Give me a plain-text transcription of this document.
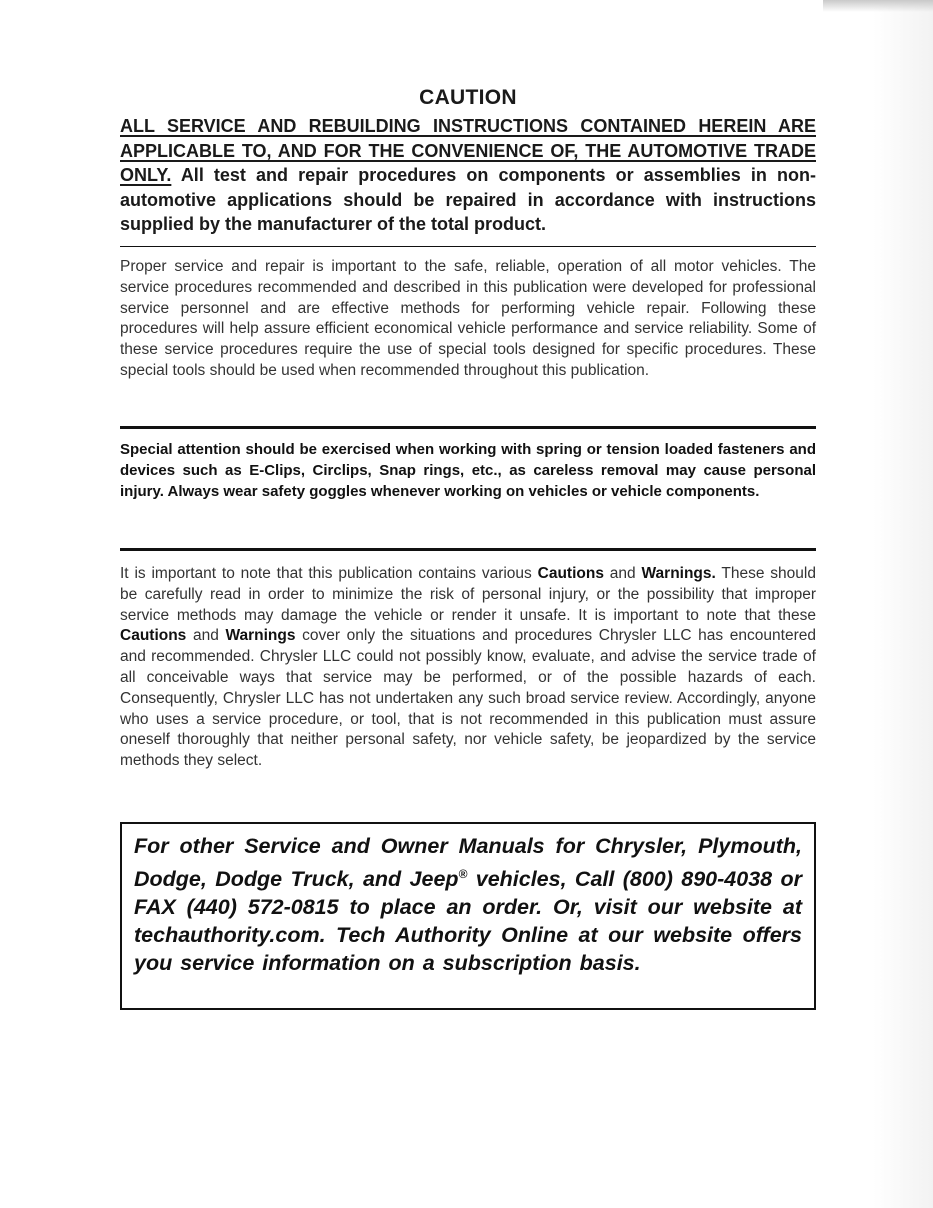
CAUTION

ALL SERVICE AND REBUILDING INSTRUCTIONS CONTAINED HEREIN ARE APPLICABLE TO, AND FOR THE CONVENIENCE OF, THE AUTOMOTIVE TRADE ONLY. All test and repair procedures on components or assemblies in non-automotive applications should be repaired in accordance with instructions supplied by the manufacturer of the total product.

Proper service and repair is important to the safe, reliable, operation of all motor vehicles. The service procedures recommended and described in this publication were developed for professional service personnel and are effective methods for performing vehicle repair. Following these procedures will help assure efficient economical vehicle performance and service reliability. Some of these service procedures require the use of special tools designed for specific procedures. These special tools should be used when recommended throughout this publication.

Special attention should be exercised when working with spring or tension loaded fasteners and devices such as E-Clips, Circlips, Snap rings, etc., as careless removal may cause personal injury. Always wear safety goggles whenever working on vehicles or vehicle components.

It is important to note that this publication contains various Cautions and Warnings. These should be carefully read in order to minimize the risk of personal injury, or the possibility that improper service methods may damage the vehicle or render it unsafe. It is important to note that these Cautions and Warnings cover only the situations and procedures Chrysler LLC has encountered and recommended. Chrysler LLC could not possibly know, evaluate, and advise the service trade of all conceivable ways that service may be performed, or of the possible hazards of each. Consequently, Chrysler LLC has not undertaken any such broad service review. Accordingly, anyone who uses a service procedure, or tool, that is not recommended in this publication must assure oneself thoroughly that neither personal safety, nor vehicle safety, be jeopardized by the service methods they select.

For other Service and Owner Manuals for Chrysler, Plymouth, Dodge, Dodge Truck, and Jeep® vehicles, Call (800) 890-4038 or FAX (440) 572-0815 to place an order. Or, visit our website at techauthority.com. Tech Authority Online at our website offers you service information on a subscription basis.
